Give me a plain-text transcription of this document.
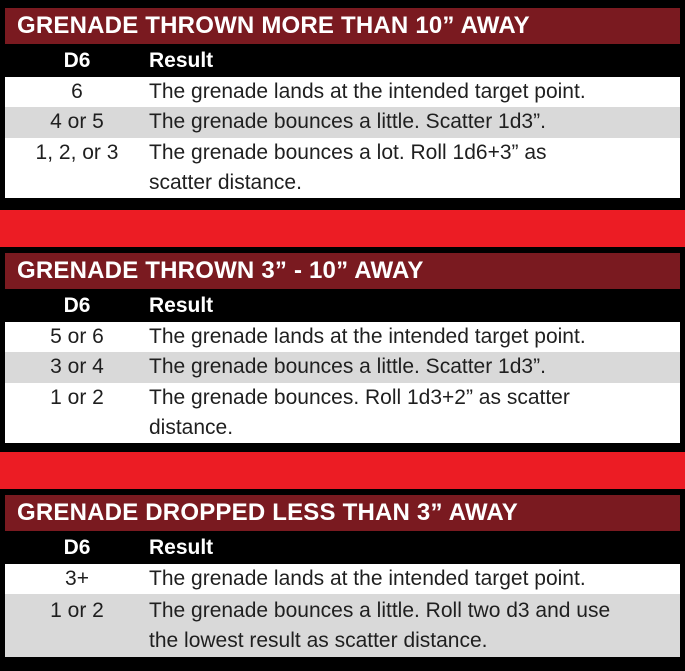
GRENADE THROWN MORE THAN 10” AWAY
D6	Result
6	The grenade lands at the intended target point.
4 or 5	The grenade bounces a little. Scatter 1d3”.
1, 2, or 3	The grenade bounces a lot. Roll 1d6+3” as
scatter distance.
GRENADE THROWN 3” - 10” AWAY
D6	Result
5 or 6	The grenade lands at the intended target point.
3 or 4	The grenade bounces a little. Scatter 1d3”.
1 or 2	The grenade bounces. Roll 1d3+2” as scatter
distance.
GRENADE DROPPED LESS THAN 3” AWAY
D6	Result
3+	The grenade lands at the intended target point.
1 or 2	The grenade bounces a little. Roll two d3 and use
the lowest result as scatter distance.
